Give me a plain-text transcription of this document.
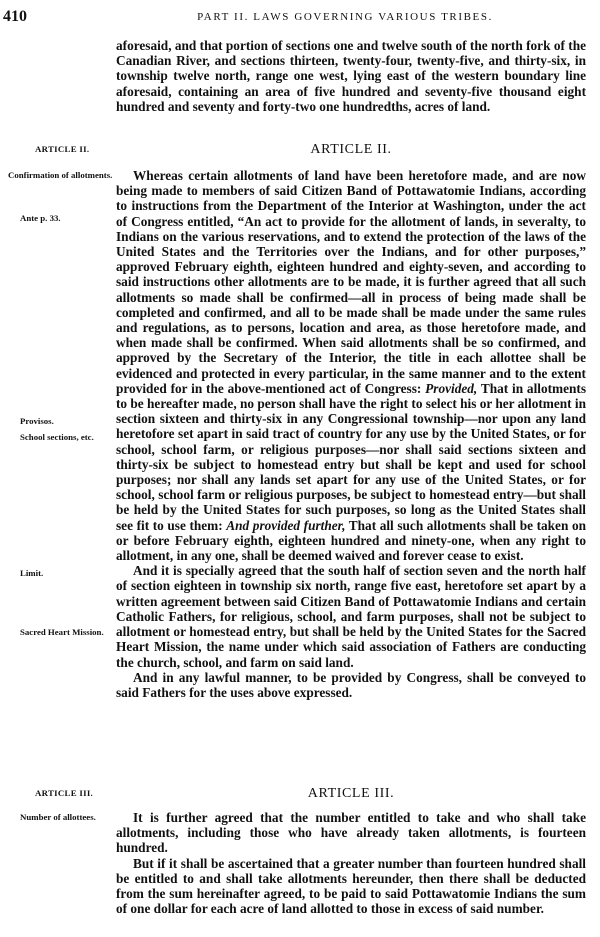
410	PART II. LAWS GOVERNING VARIOUS TRIBES.

aforesaid, and that portion of sections one and twelve south of the north fork of the Canadian River, and sections thirteen, twenty-four, twenty-five, and thirty-six, in township twelve north, range one west, lying east of the western boundary line aforesaid, containing an area of five hundred and seventy-five thousand eight hundred and seventy and forty-two one hundredths, acres of land.

ARTICLE II.	ARTICLE II.
Confirmation of allotments.
Ante p. 33.
Provisos.
School sections, etc.
Limit.
Sacred Heart Mission.

Whereas certain allotments of land have been heretofore made, and are now being made to members of said Citizen Band of Pottawatomie Indians, according to instructions from the Department of the Interior at Washington, under the act of Congress entitled, “An act to provide for the allotment of lands, in severalty, to Indians on the various reservations, and to extend the protection of the laws of the United States and the Territories over the Indians, and for other purposes,” approved February eighth, eighteen hundred and eighty-seven, and according to said instructions other allotments are to be made, it is further agreed that all such allotments so made shall be confirmed—all in process of being made shall be completed and confirmed, and all to be made shall be made under the same rules and regulations, as to persons, location and area, as those heretofore made, and when made shall be confirmed. When said allotments shall be so confirmed, and approved by the Secretary of the Interior, the title in each allottee shall be evidenced and protected in every particular, in the same manner and to the extent provided for in the above-mentioned act of Congress: Provided, That in allotments to be hereafter made, no person shall have the right to select his or her allotment in section sixteen and thirty-six in any Congressional township—nor upon any land heretofore set apart in said tract of country for any use by the United States, or for school, school farm, or religious purposes—nor shall said sections sixteen and thirty-six be subject to homestead entry but shall be kept and used for school purposes; nor shall any lands set apart for any use of the United States, or for school, school farm or religious purposes, be subject to homestead entry—but shall be held by the United States for such purposes, so long as the United States shall see fit to use them: And provided further, That all such allotments shall be taken on or before February eighth, eighteen hundred and ninety-one, when any right to allotment, in any one, shall be deemed waived and forever cease to exist.

And it is specially agreed that the south half of section seven and the north half of section eighteen in township six north, range five east, heretofore set apart by a written agreement between said Citizen Band of Pottawatomie Indians and certain Catholic Fathers, for religious, school, and farm purposes, shall not be subject to allotment or homestead entry, but shall be held by the United States for the Sacred Heart Mission, the name under which said association of Fathers are conducting the church, school, and farm on said land.

And in any lawful manner, to be provided by Congress, shall be conveyed to said Fathers for the uses above expressed.

ARTICLE III.	ARTICLE III.
Number of allottees.	It is further agreed that the number entitled to take and who shall take allotments, including those who have already taken allotments, is fourteen hundred.

But if it shall be ascertained that a greater number than fourteen hundred shall be entitled to and shall take allotments hereunder, then there shall be deducted from the sum hereinafter agreed, to be paid to said Pottawatomie Indians the sum of one dollar for each acre of land allotted to those in excess of said number.
